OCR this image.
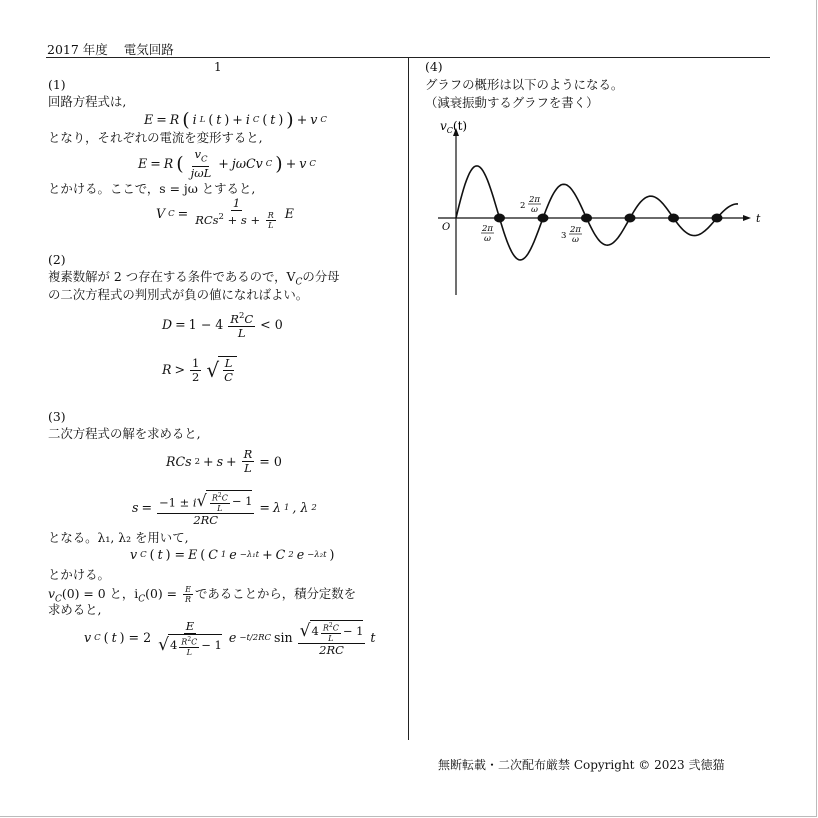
2017 年度 電気回路
1
(1)
回路方程式は,
E = R ( i L ( t ) + i C ( t ) ) + v C
となり，それぞれの電流を変形すると,
E = R ( $\frac{v_C}{\text{jωL}} + j\omega Cv$ C ) + v C
とかける。ここで，s = jω とすると,
V $C = \frac{1}{RCs^2 + s + \frac{R}{L}}$ E
(2)
複素数解が 2 つ存在する条件であるので，$V_C$の分母
の二次方程式の判別式が負の値になればよい。
$D = 1 - 4 \frac{R^2C}{L} < 0$
$R > \frac{1}{2}$ √ $\frac{L}{C}$
(3)
二次方程式の解を求めると,
RCs $2 + s + \frac{R}{L} = 0$
$s = \frac{-1 \pm i √ \frac{R^2C}{L} - 1}{2RC} = \lambda$ 1 , λ 2
となる。λ₁, λ₂ を用いて,
v C ( t ) = E ( C 1 e −λ₁t + C 2 e −λ₂t )
とかける。
$v_C(0) = 0$ と，$i_C(0) = \frac{E}{R}$ であることから，積分定数を
求めると,
v C ( t ) = $2 \frac{E}{√ 4 \frac{R^2C}{L} - 1}$ e −t/2RC $\sin \frac{√ 4 \frac{R^2C}{L} - 1}{2RC}$ t
(4)
グラフの概形は以下のようになる。
（減衰振動するグラフを書く）
$v_C(t)$
t
O	2π
ω
2
2π
ω
3
2π
ω
無断転載・二次配布厳禁 Copyright © 2023 弐徳猫
